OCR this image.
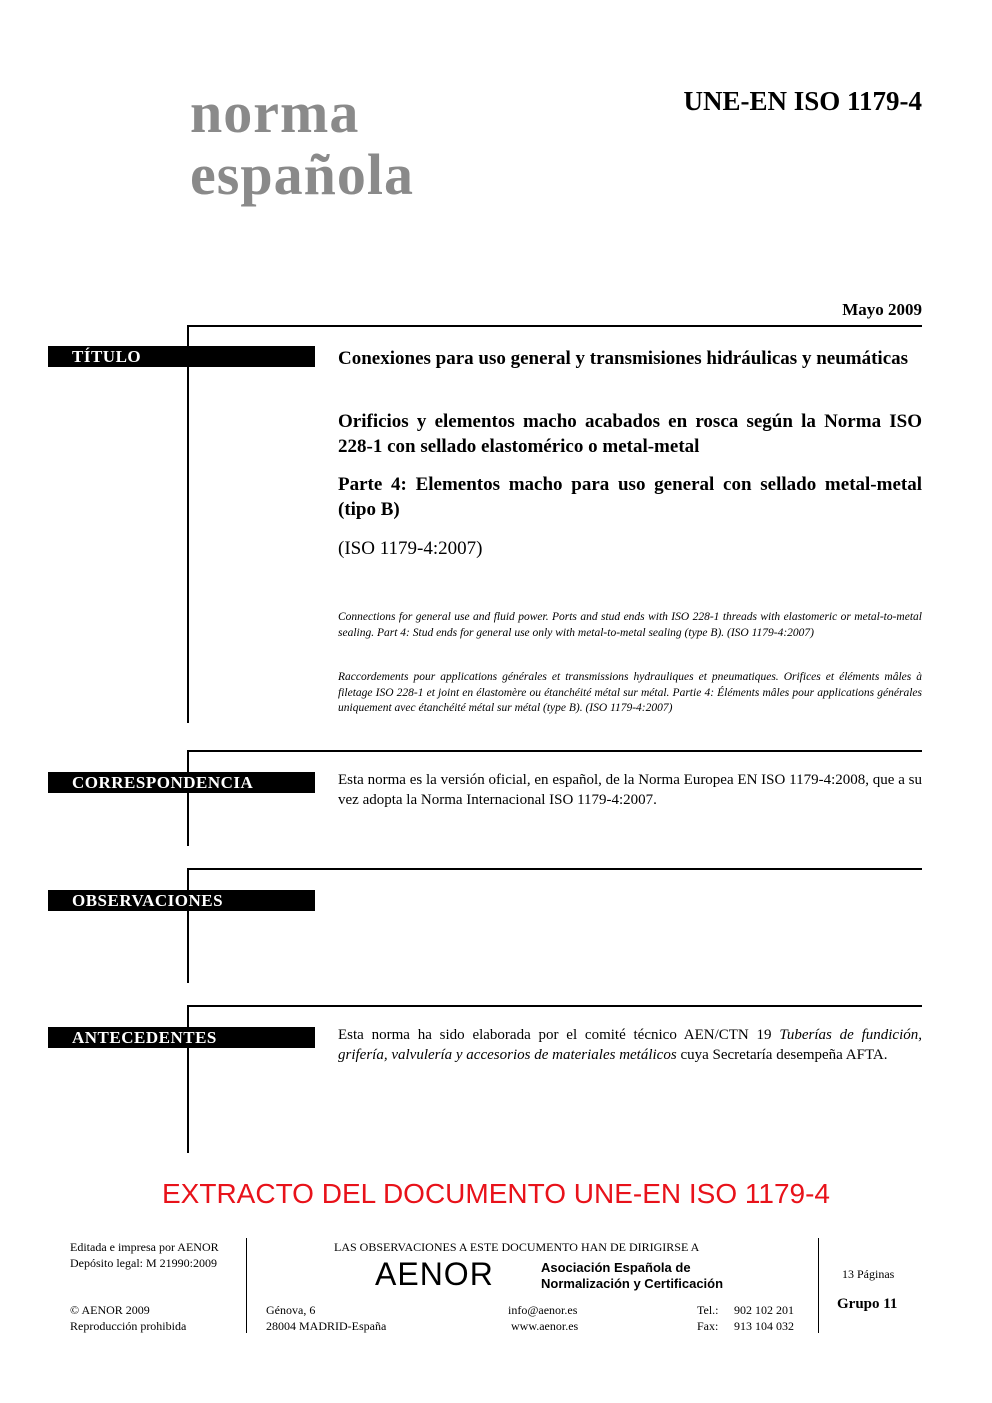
norma
española
UNE-EN ISO 1179-4
Mayo 2009
TÍTULO	Conexiones para uso general y transmisiones hidráulicas y neumáticas
Orificios y elementos macho acabados en rosca según la Norma ISO 228-1 con sellado elastomérico o metal-metal
Parte 4: Elementos macho para uso general con sellado metal-metal (tipo B)
(ISO 1179-4:2007)
Connections for general use and fluid power. Ports and stud ends with ISO 228-1 threads with elastomeric or metal-to-metal sealing. Part 4: Stud ends for general use only with metal-to-metal sealing (type B). (ISO 1179-4:2007)
Raccordements pour applications générales et transmissions hydrauliques et pneumatiques. Orifices et éléments mâles à filetage ISO 228-1 et joint en élastomère ou étanchéité métal sur métal. Partie 4: Éléments mâles pour applications générales uniquement avec étanchéité métal sur métal (type B). (ISO 1179-4:2007)
CORRESPONDENCIA	Esta norma es la versión oficial, en español, de la Norma Europea EN ISO 1179-4:2008, que a su vez adopta la Norma Internacional ISO 1179-4:2007.
OBSERVACIONES
ANTECEDENTES	Esta norma ha sido elaborada por el comité técnico AEN/CTN 19 Tuberías de fundición, grifería, valvulería y accesorios de materiales metálicos cuya Secretaría desempeña AFTA.
EXTRACTO DEL DOCUMENTO UNE-EN ISO 1179-4
Editada e impresa por AENOR
Depósito legal: M 21990:2009
© AENOR 2009
Reproducción prohibida
LAS OBSERVACIONES A ESTE DOCUMENTO HAN DE DIRIGIRSE A
AENOR	Asociación Española de
Normalización y Certificación
Génova, 6
28004 MADRID-España
info@aenor.es
www.aenor.es
Tel.: 902 102 201
Fax: 913 104 032
13 Páginas
Grupo 11
